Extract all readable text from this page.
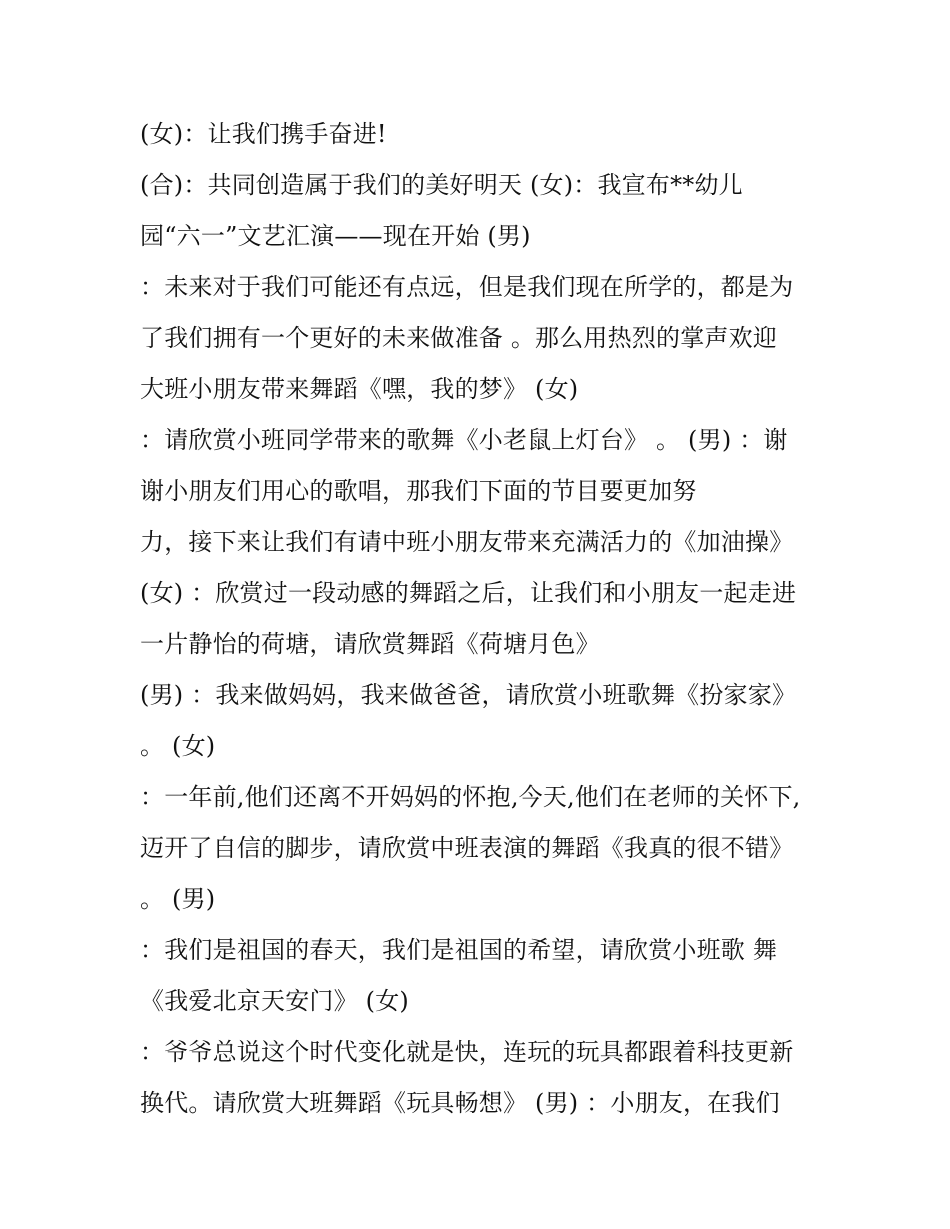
(女)：让我们携手奋进!
(合)：共同创造属于我们的美好明天 (女)：我宣布**幼儿
园“六一”文艺汇演——现在开始 (男)
：未来对于我们可能还有点远，但是我们现在所学的，都是为
了我们拥有一个更好的未来做准备 。那么用热烈的掌声欢迎
大班小朋友带来舞蹈《嘿，我的梦》 (女)
：请欣赏小班同学带来的歌舞《小老鼠上灯台》 。 (男) ：谢
谢小朋友们用心的歌唱，那我们下面的节目要更加努
力，接下来让我们有请中班小朋友带来充满活力的《加油操》
(女) ：欣赏过一段动感的舞蹈之后，让我们和小朋友一起走进
一片静怡的荷塘，请欣赏舞蹈《荷塘月色》
(男) ：我来做妈妈，我来做爸爸，请欣赏小班歌舞《扮家家》
。 (女)
：一年前,他们还离不开妈妈的怀抱,今天,他们在老师的关怀下,
迈开了自信的脚步，请欣赏中班表演的舞蹈《我真的很不错》
。 (男)
：我们是祖国的春天，我们是祖国的希望，请欣赏小班歌 舞
《我爱北京天安门》 (女)
：爷爷总说这个时代变化就是快，连玩的玩具都跟着科技更新
换代。请欣赏大班舞蹈《玩具畅想》 (男) ：小朋友，在我们
